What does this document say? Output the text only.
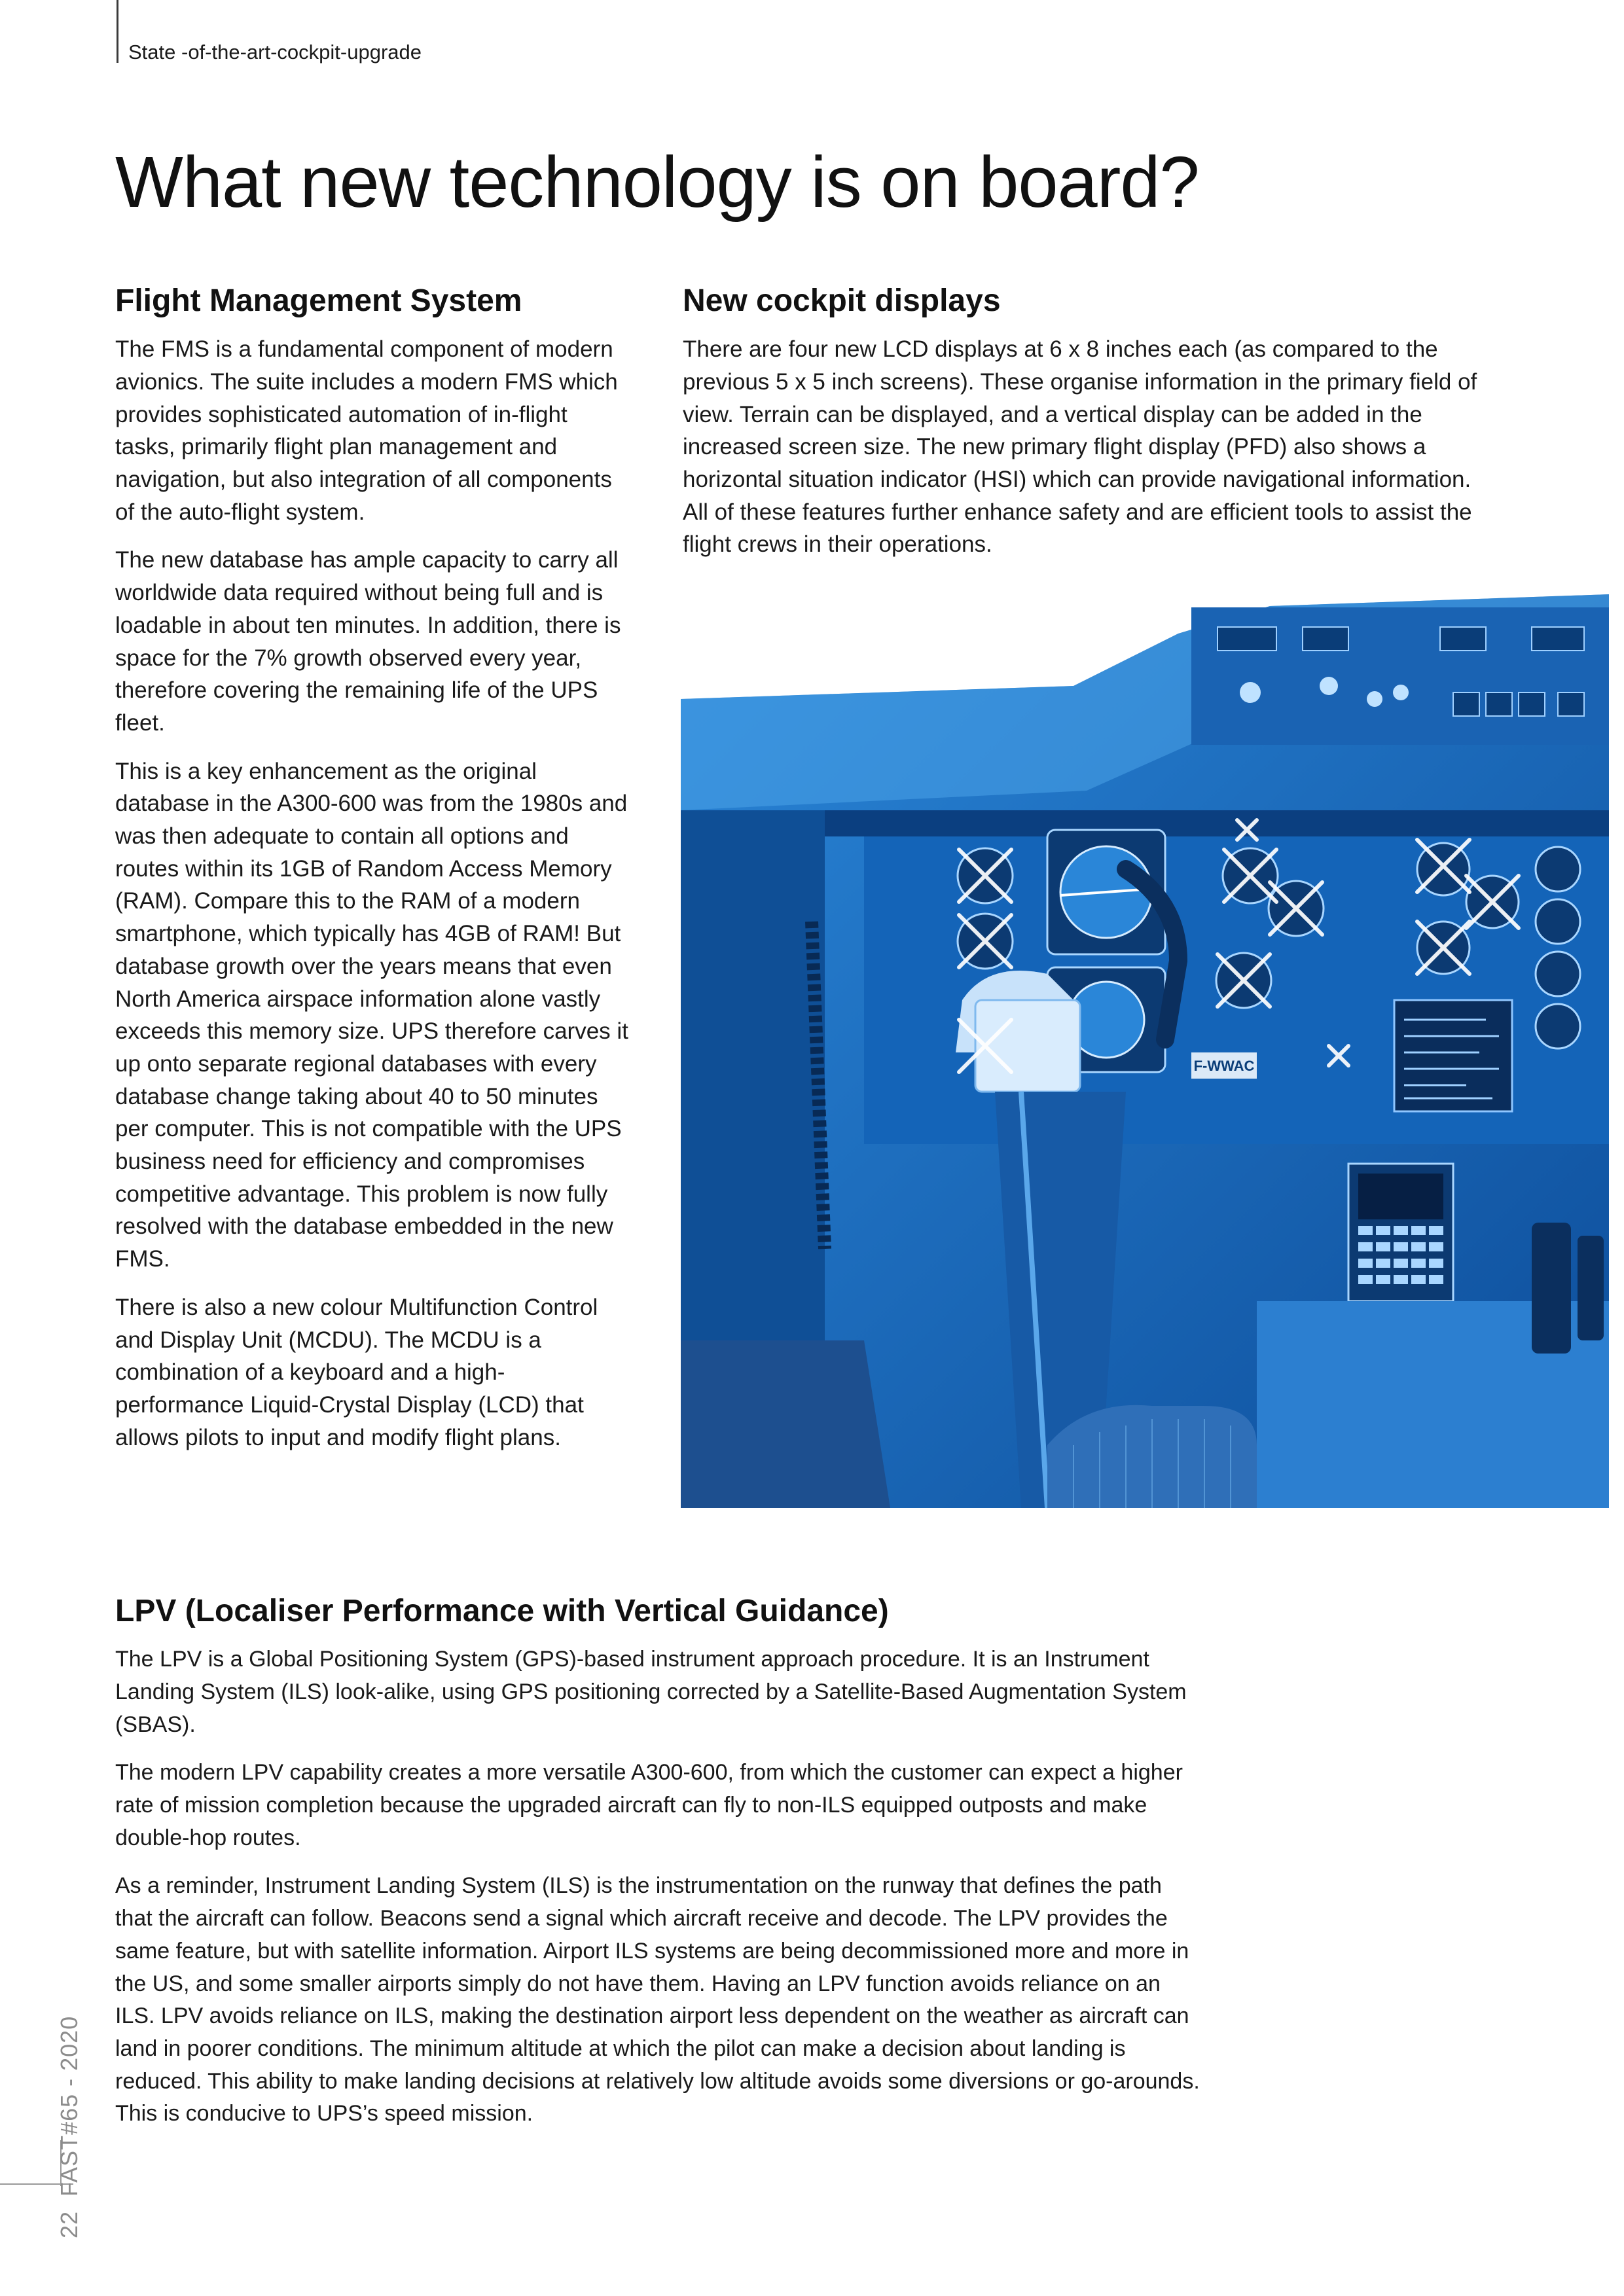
State -of-the-art-cockpit-upgrade
What new technology is on board?
Flight Management System

The FMS is a fundamental component of modern avionics. The suite includes a modern FMS which provides sophisticated automation of in-flight tasks, primarily flight plan management and navigation, but also integration of all components of the auto-flight system.

The new database has ample capacity to carry all worldwide data required without being full and is loadable in about ten minutes. In addition, there is space for the 7% growth observed every year, therefore covering the remaining life of the UPS fleet.

This is a key enhancement as the original database in the A300-600 was from the 1980s and was then adequate to contain all options and routes within its 1GB of Random Access Memory (RAM). Compare this to the RAM of a modern smartphone, which typically has 4GB of RAM! But database growth over the years means that even North America airspace information alone vastly exceeds this memory size. UPS therefore carves it up onto separate regional databases with every database change taking about 40 to 50 minutes per computer. This is not compatible with the UPS business need for efficiency and compromises competitive advantage. This problem is now fully resolved with the database embedded in the new FMS.

There is also a new colour Multifunction Control and Display Unit (MCDU). The MCDU is a combination of a keyboard and a high-performance Liquid-Crystal Display (LCD) that allows pilots to input and modify flight plans.

New cockpit displays

There are four new LCD displays at 6 x 8 inches each (as compared to the previous 5 x 5 inch screens). These organise information in the primary field of view. Terrain can be displayed, and a vertical display can be added in the increased screen size. The new primary flight display (PFD) also shows a horizontal situation indicator (HSI) which can provide navigational information. All of these features further enhance safety and are efficient tools to assist the flight crews in their operations.

F-WWAC
LPV (Localiser Performance with Vertical Guidance)

The LPV is a Global Positioning System (GPS)-based instrument approach procedure. It is an Instrument Landing System (ILS) look-alike, using GPS positioning corrected by a Satellite-Based Augmentation System (SBAS).

The modern LPV capability creates a more versatile A300-600, from which the customer can expect a higher rate of mission completion because the upgraded aircraft can fly to non-ILS equipped outposts and make double-hop routes.

As a reminder, Instrument Landing System (ILS) is the instrumentation on the runway that defines the path that the aircraft can follow. Beacons send a signal which aircraft receive and decode. The LPV provides the same feature, but with satellite information. Airport ILS systems are being decommissioned more and more in the US, and some smaller airports simply do not have them. Having an LPV function avoids reliance on an ILS. LPV avoids reliance on ILS, making the destination airport less dependent on the weather as aircraft can land in poorer conditions. The minimum altitude at which the pilot can make a decision about landing is reduced. This ability to make landing decisions at relatively low altitude avoids some diversions or go-arounds. This is conducive to UPS’s speed mission.

22FAST#65 - 2020
